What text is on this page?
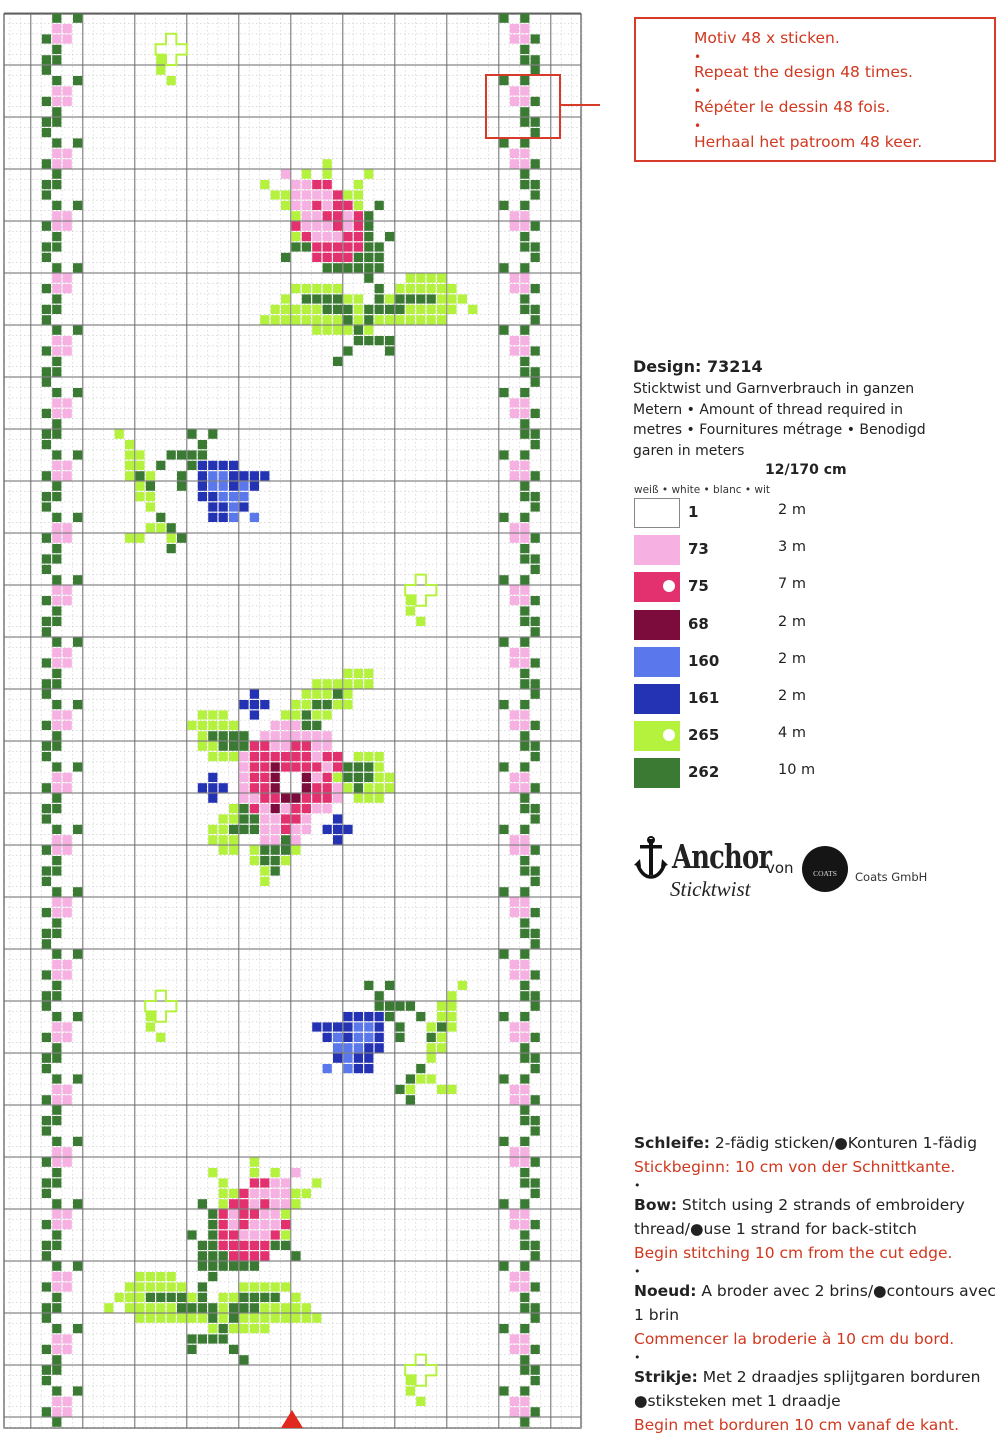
Motiv 48 x sticken.
•
Repeat the design 48 times.
•
Répéter le dessin 48 fois.
•
Herhaal het patroom 48 keer.
Design: 73214
Sticktwist und Garnverbrauch in ganzen Metern • Amount of thread required in metres • Fournitures métrage • Benodigd garen in meters
12/170 cm
weiß • white • blanc • wit
1	2 m
73	3 m
75	7 m
68	2 m
160	2 m
161	2 m
265	4 m
262	10 m
Anchor
Sticktwist
von	COATS	Coats GmbH
Schleife: 2-fädig sticken/●Konturen 1-fädig
Stickbeginn: 10 cm von der Schnittkante.
•
Bow: Stitch using 2 strands of embroidery thread/●use 1 strand for back-stitch
Begin stitching 10 cm from the cut edge.
•
Noeud: A broder avec 2 brins/●contours avec 1 brin
Commencer la broderie à 10 cm du bord.
•
Strikje: Met 2 draadjes splijtgaren borduren ●stiksteken met 1 draadje
Begin met borduren 10 cm vanaf de kant.
